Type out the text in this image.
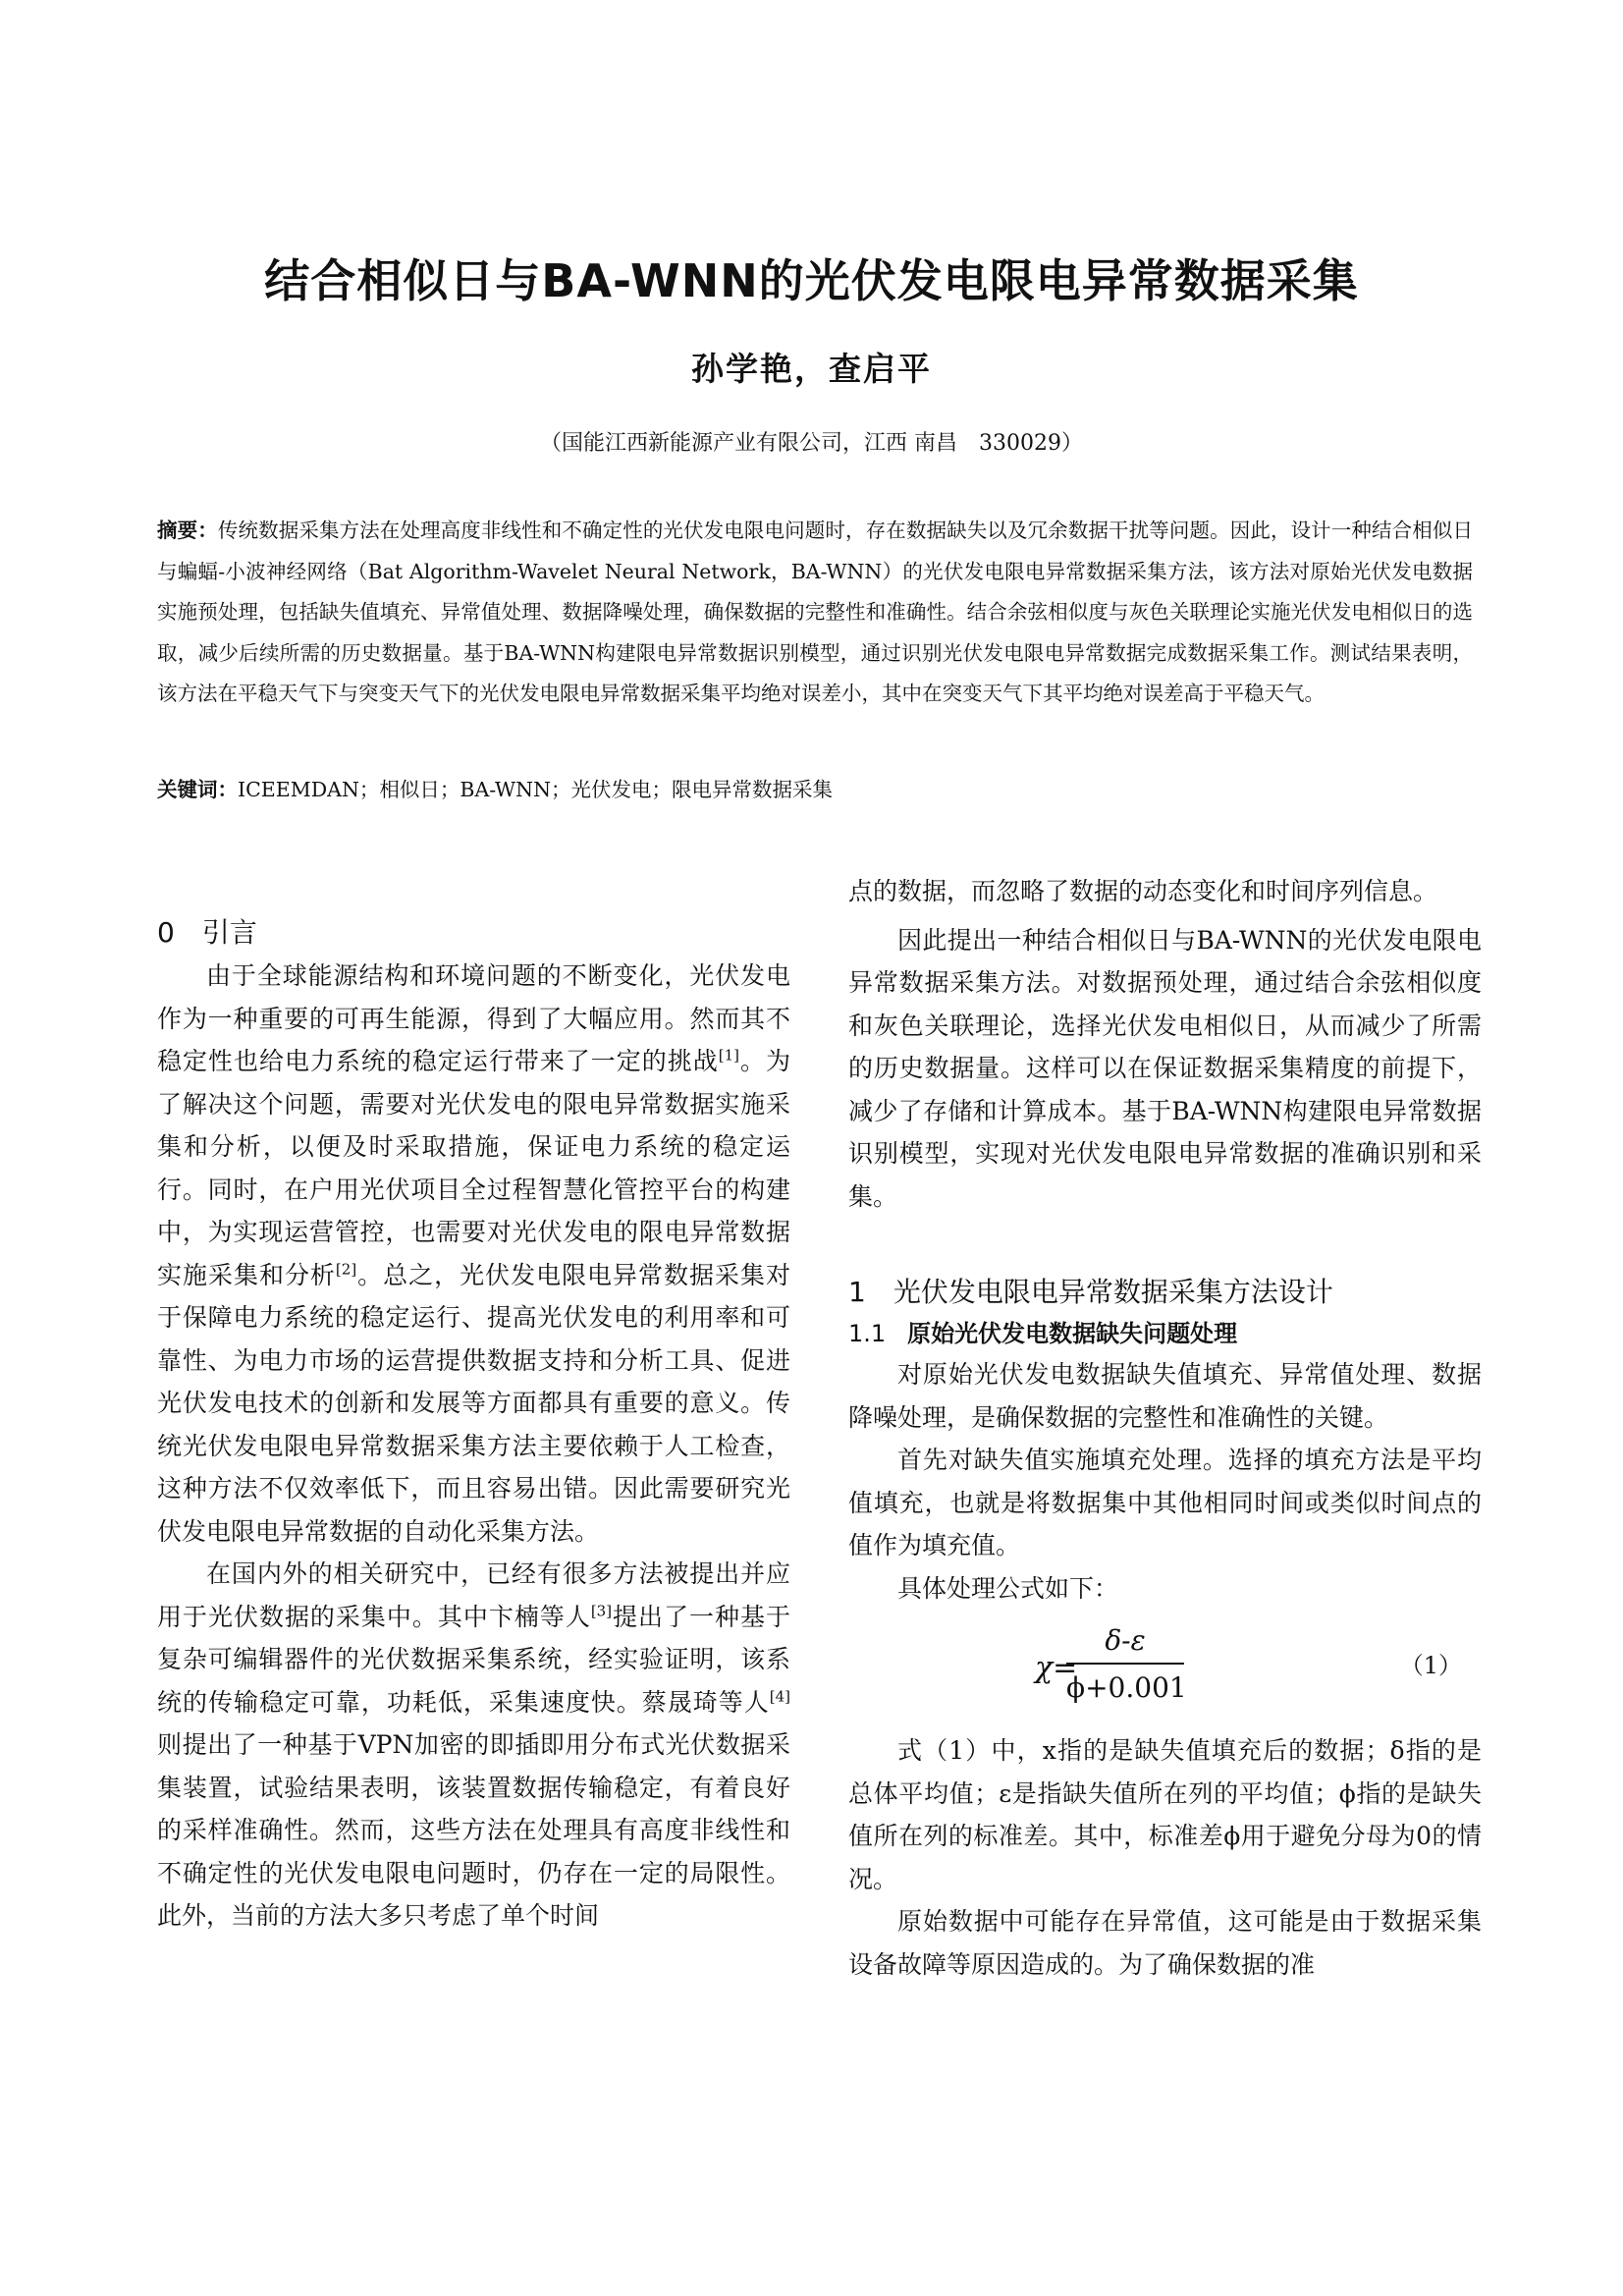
结合相似日与BA-WNN的光伏发电限电异常数据采集
孙学艳，查启平
（国能江西新能源产业有限公司，江西 南昌　330029）
摘要：传统数据采集方法在处理高度非线性和不确定性的光伏发电限电问题时，存在数据缺失以及冗余数据干扰等问题。因此，设计一种结合相似日与蝙蝠-小波神经网络（Bat Algorithm-Wavelet Neural Network，BA-WNN）的光伏发电限电异常数据采集方法，该方法对原始光伏发电数据实施预处理，包括缺失值填充、异常值处理、数据降噪处理，确保数据的完整性和准确性。结合余弦相似度与灰色关联理论实施光伏发电相似日的选取，减少后续所需的历史数据量。基于BA-WNN构建限电异常数据识别模型，通过识别光伏发电限电异常数据完成数据采集工作。测试结果表明，该方法在平稳天气下与突变天气下的光伏发电限电异常数据采集平均绝对误差小，其中在突变天气下其平均绝对误差高于平稳天气。
关键词：ICEEMDAN；相似日；BA-WNN；光伏发电；限电异常数据采集
0　引言

由于全球能源结构和环境问题的不断变化，光伏发电作为一种重要的可再生能源，得到了大幅应用。然而其不稳定性也给电力系统的稳定运行带来了一定的挑战[1]。为了解决这个问题，需要对光伏发电的限电异常数据实施采集和分析，以便及时采取措施，保证电力系统的稳定运行。同时，在户用光伏项目全过程智慧化管控平台的构建中，为实现运营管控，也需要对光伏发电的限电异常数据实施采集和分析[2]。总之，光伏发电限电异常数据采集对于保障电力系统的稳定运行、提高光伏发电的利用率和可靠性、为电力市场的运营提供数据支持和分析工具、促进光伏发电技术的创新和发展等方面都具有重要的意义。传统光伏发电限电异常数据采集方法主要依赖于人工检查，这种方法不仅效率低下，而且容易出错。因此需要研究光伏发电限电异常数据的自动化采集方法。

在国内外的相关研究中，已经有很多方法被提出并应用于光伏数据的采集中。其中卞楠等人[3]提出了一种基于复杂可编辑器件的光伏数据采集系统，经实验证明，该系统的传输稳定可靠，功耗低，采集速度快。蔡晟琦等人[4]则提出了一种基于VPN加密的即插即用分布式光伏数据采集装置，试验结果表明，该装置数据传输稳定，有着良好的采样准确性。然而，这些方法在处理具有高度非线性和不确定性的光伏发电限电问题时，仍存在一定的局限性。此外，当前的方法大多只考虑了单个时间

点的数据，而忽略了数据的动态变化和时间序列信息。

因此提出一种结合相似日与BA-WNN的光伏发电限电异常数据采集方法。对数据预处理，通过结合余弦相似度和灰色关联理论，选择光伏发电相似日，从而减少了所需的历史数据量。这样可以在保证数据采集精度的前提下，减少了存储和计算成本。基于BA-WNN构建限电异常数据识别模型，实现对光伏发电限电异常数据的准确识别和采集。

1　光伏发电限电异常数据采集方法设计
1.1 原始光伏发电数据缺失问题处理

对原始光伏发电数据缺失值填充、异常值处理、数据降噪处理，是确保数据的完整性和准确性的关键。

首先对缺失值实施填充处理。选择的填充方法是平均值填充，也就是将数据集中其他相同时间或类似时间点的值作为填充值。

具体处理公式如下：

χ=
$\frac{\delta-\varepsilon}{\phi+0.001}$	（1）

式（1）中，x指的是缺失值填充后的数据；δ指的是总体平均值；ε是指缺失值所在列的平均值；ϕ指的是缺失值所在列的标准差。其中，标准差ϕ用于避免分母为0的情况。

原始数据中可能存在异常值，这可能是由于数据采集设备故障等原因造成的。为了确保数据的准
